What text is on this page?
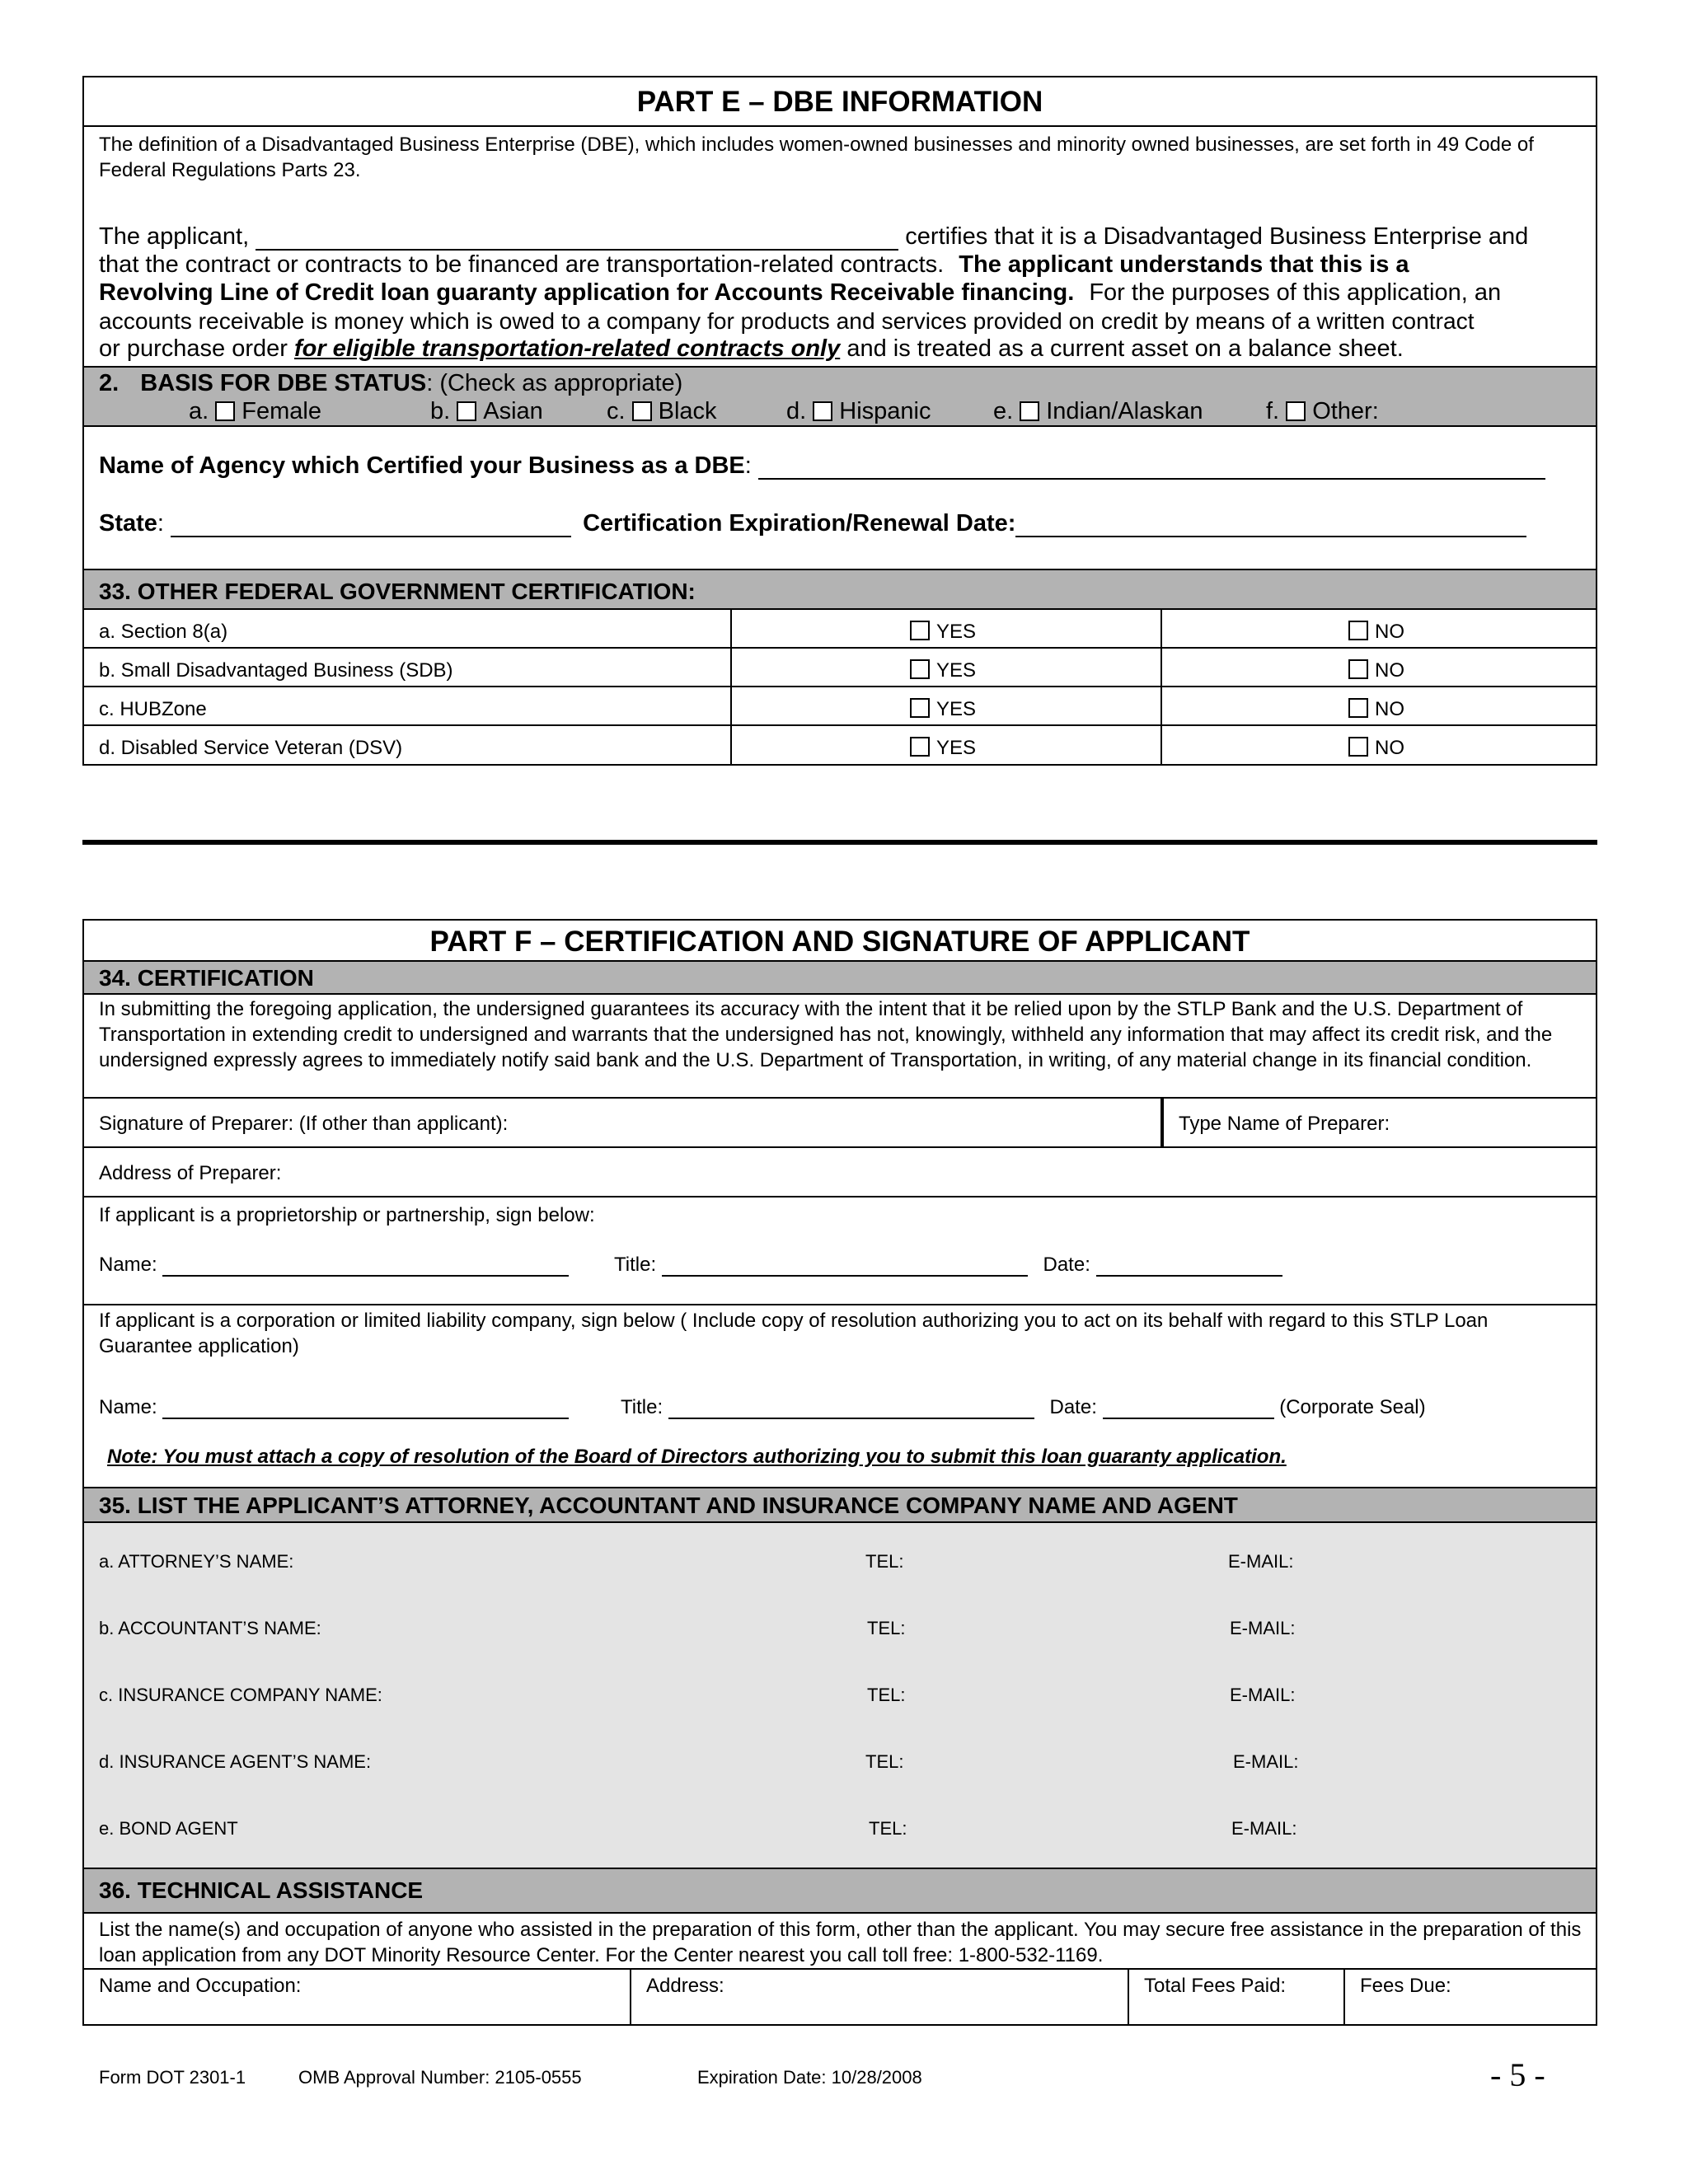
PART E – DBE INFORMATION
The definition of a Disadvantaged Business Enterprise (DBE), which includes women-owned businesses and minority owned businesses, are set forth in 49 Code of Federal Regulations Parts 23.
The applicant,	certifies that it is a Disadvantaged Business Enterprise and
that the contract or contracts to be financed are transportation-related contracts. The applicant understands that this is a
Revolving Line of Credit loan guaranty application for Accounts Receivable financing. For the purposes of this application, an
accounts receivable is money which is owed to a company for products and services provided on credit by means of a written contract
or purchase order for eligible transportation-related contracts only and is treated as a current asset on a balance sheet.
2. BASIS FOR DBE STATUS: (Check as appropriate)
a. Female	b. Asian	c. Black	d. Hispanic	e. Indian/Alaskan	f. Other:
Name of Agency which Certified your Business as a DBE:
State:	Certification Expiration/Renewal Date:
33. OTHER FEDERAL GOVERNMENT CERTIFICATION:
a. Section 8(a)	YES	NO
b. Small Disadvantaged Business (SDB)	YES	NO
c. HUBZone	YES	NO
d. Disabled Service Veteran (DSV)	YES	NO
PART F – CERTIFICATION AND SIGNATURE OF APPLICANT
34. CERTIFICATION
In submitting the foregoing application, the undersigned guarantees its accuracy with the intent that it be relied upon by the STLP Bank and the U.S. Department of Transportation in extending credit to undersigned and warrants that the undersigned has not, knowingly, withheld any information that may affect its credit risk, and the undersigned expressly agrees to immediately notify said bank and the U.S. Department of Transportation, in writing, of any material change in its financial condition.
Signature of Preparer: (If other than applicant):	Type Name of Preparer:
Address of Preparer:
If applicant is a proprietorship or partnership, sign below:
Name:	Title:	Date:
If applicant is a corporation or limited liability company, sign below ( Include copy of resolution authorizing you to act on its behalf with regard to this STLP Loan Guarantee application)
Name:	Title:	Date:	(Corporate Seal)
Note: You must attach a copy of resolution of the Board of Directors authorizing you to submit this loan guaranty application.
35. LIST THE APPLICANT’S ATTORNEY, ACCOUNTANT AND INSURANCE COMPANY NAME AND AGENT
a. ATTORNEY’S NAME:	TEL:	E-MAIL:
b. ACCOUNTANT’S NAME:	TEL:	E-MAIL:
c. INSURANCE COMPANY NAME:	TEL:	E-MAIL:
d. INSURANCE AGENT’S NAME:	TEL:	E-MAIL:
e. BOND AGENT	TEL:	E-MAIL:
36. TECHNICAL ASSISTANCE
List the name(s) and occupation of anyone who assisted in the preparation of this form, other than the applicant. You may secure free assistance in the preparation of this loan application from any DOT Minority Resource Center. For the Center nearest you call toll free: 1-800-532-1169.
Name and Occupation:	Address:	Total Fees Paid:	Fees Due:
Form DOT 2301-1	OMB Approval Number: 2105-0555	Expiration Date: 10/28/2008	- 5 -
